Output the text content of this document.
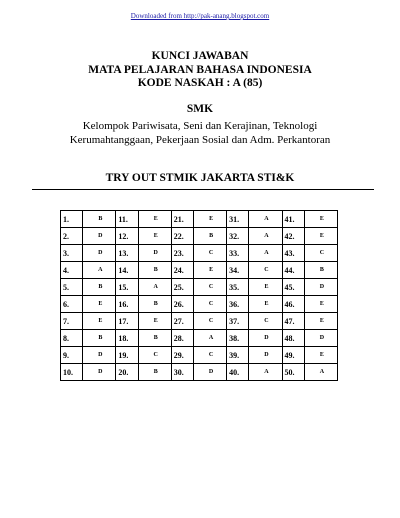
Downloaded from http://pak-anang.blogspot.com
KUNCI JAWABAN
MATA PELAJARAN BAHASA INDONESIA
KODE NASKAH : A (85)
SMK
Kelompok Pariwisata, Seni dan Kerajinan, Teknologi
Kerumahtanggaan, Pekerjaan Sosial dan Adm. Perkantoran
TRY OUT STMIK JAKARTA STI&K
1.	B	11.	E	21.	E	31.	A	41.	E
2.	D	12.	E	22.	B	32.	A	42.	E
3.	D	13.	D	23.	C	33.	A	43.	C
4.	A	14.	B	24.	E	34.	C	44.	B
5.	B	15.	A	25.	C	35.	E	45.	D
6.	E	16.	B	26.	C	36.	E	46.	E
7.	E	17.	E	27.	C	37.	C	47.	E
8.	B	18.	B	28.	A	38.	D	48.	D
9.	D	19.	C	29.	C	39.	D	49.	E
10.	D	20.	B	30.	D	40.	A	50.	A
